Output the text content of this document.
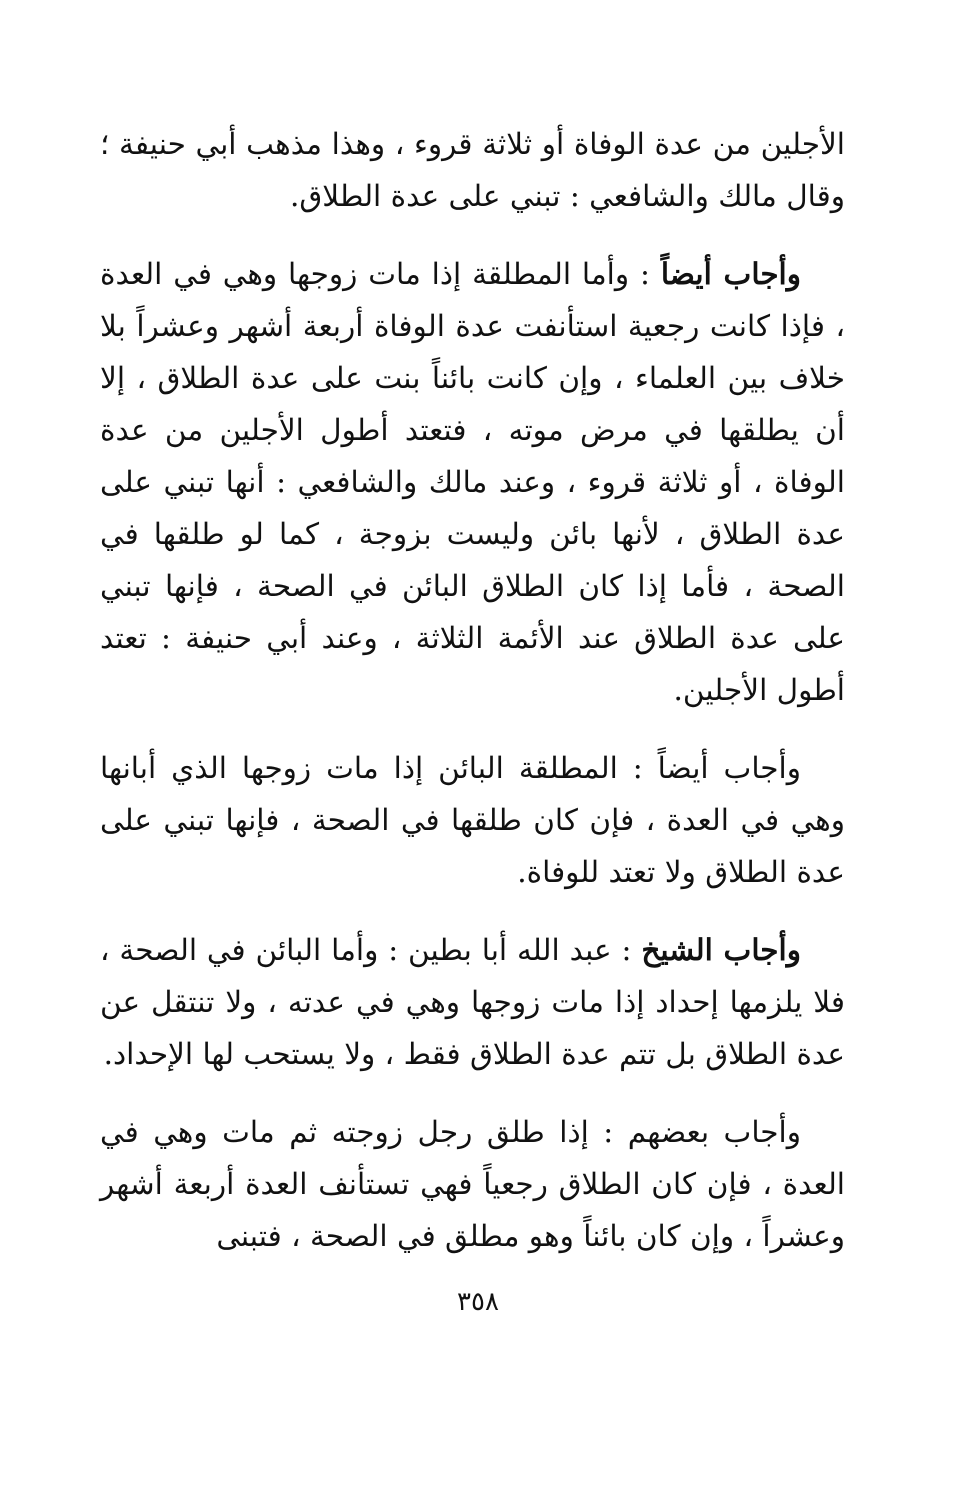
الأجلين من عدة الوفاة أو ثلاثة قروء ، وهذا مذهب أبي حنيفة ؛ وقال مالك والشافعي : تبني على عدة الطلاق.

وأجاب أيضاً : وأما المطلقة إذا مات زوجها وهي في العدة ، فإذا كانت رجعية استأنفت عدة الوفاة أربعة أشهر وعشراً بلا خلاف بين العلماء ، وإن كانت بائناً بنت على عدة الطلاق ، إلا أن يطلقها في مرض موته ، فتعتد أطول الأجلين من عدة الوفاة ، أو ثلاثة قروء ، وعند مالك والشافعي : أنها تبني على عدة الطلاق ، لأنها بائن وليست بزوجة ، كما لو طلقها في الصحة ، فأما إذا كان الطلاق البائن في الصحة ، فإنها تبني على عدة الطلاق عند الأئمة الثلاثة ، وعند أبي حنيفة : تعتد أطول الأجلين.

وأجاب أيضاً : المطلقة البائن إذا مات زوجها الذي أبانها وهي في العدة ، فإن كان طلقها في الصحة ، فإنها تبني على عدة الطلاق ولا تعتد للوفاة.

وأجاب الشيخ : عبد الله أبا بطين : وأما البائن في الصحة ، فلا يلزمها إحداد إذا مات زوجها وهي في عدته ، ولا تنتقل عن عدة الطلاق بل تتم عدة الطلاق فقط ، ولا يستحب لها الإحداد.

وأجاب بعضهم : إذا طلق رجل زوجته ثم مات وهي في العدة ، فإن كان الطلاق رجعياً فهي تستأنف العدة أربعة أشهر وعشراً ، وإن كان بائناً وهو مطلق في الصحة ، فتبنى

٣٥٨
